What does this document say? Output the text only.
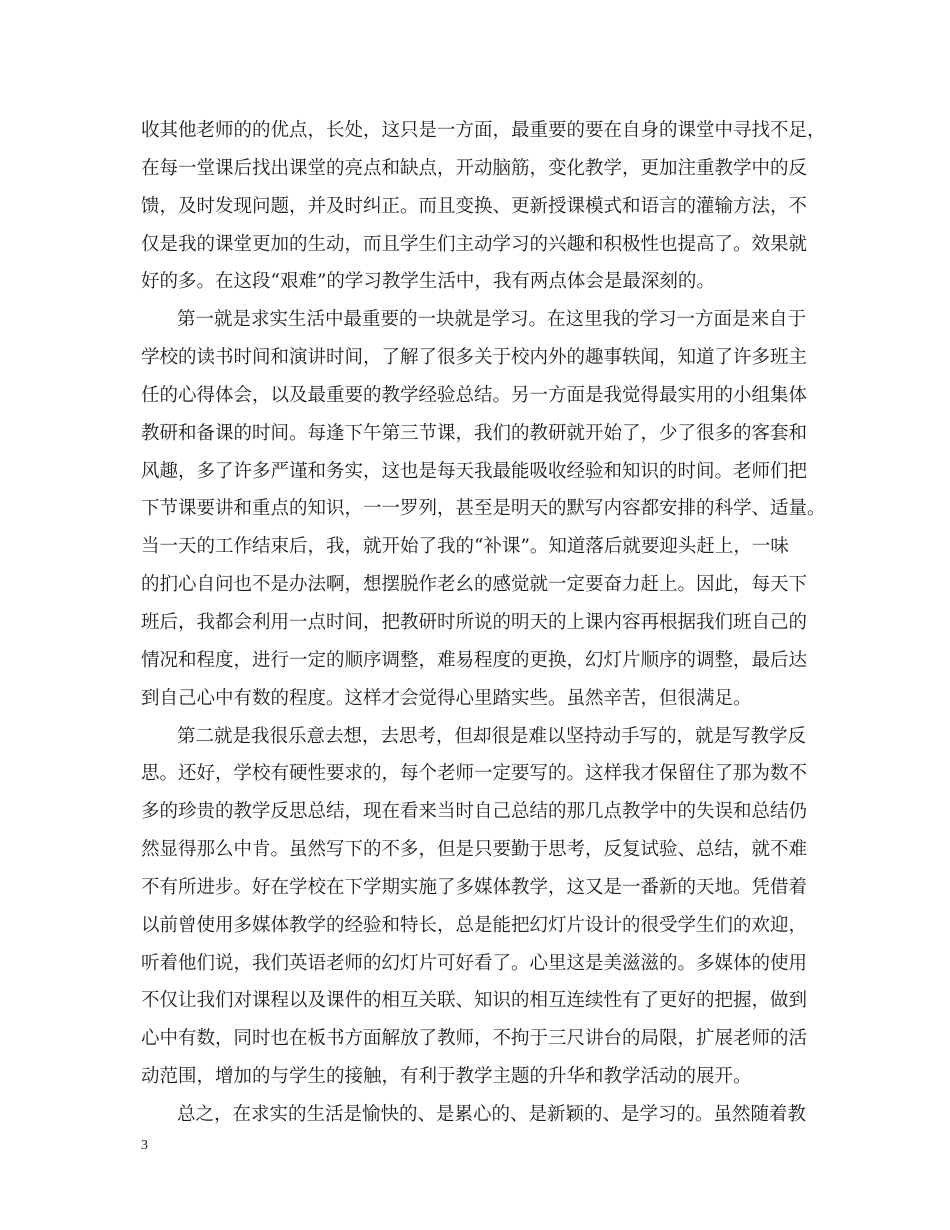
收其他老师的的优点，长处，这只是一方面，最重要的要在自身的课堂中寻找不足，
在每一堂课后找出课堂的亮点和缺点，开动脑筋，变化教学，更加注重教学中的反
馈，及时发现问题，并及时纠正。而且变换、更新授课模式和语言的灌输方法，不
仅是我的课堂更加的生动，而且学生们主动学习的兴趣和积极性也提高了。效果就
好的多。在这段“艰难”的学习教学生活中，我有两点体会是最深刻的。
第一就是求实生活中最重要的一块就是学习。在这里我的学习一方面是来自于
学校的读书时间和演讲时间，了解了很多关于校内外的趣事轶闻，知道了许多班主
任的心得体会，以及最重要的教学经验总结。另一方面是我觉得最实用的小组集体
教研和备课的时间。每逢下午第三节课，我们的教研就开始了，少了很多的客套和
风趣，多了许多严谨和务实，这也是每天我最能吸收经验和知识的时间。老师们把
下节课要讲和重点的知识，一一罗列，甚至是明天的默写内容都安排的科学、适量。
当一天的工作结束后，我，就开始了我的“补课”。知道落后就要迎头赶上，一味
的扪心自问也不是办法啊，想摆脱作老幺的感觉就一定要奋力赶上。因此，每天下
班后，我都会利用一点时间，把教研时所说的明天的上课内容再根据我们班自己的
情况和程度，进行一定的顺序调整，难易程度的更换，幻灯片顺序的调整，最后达
到自己心中有数的程度。这样才会觉得心里踏实些。虽然辛苦，但很满足。
第二就是我很乐意去想，去思考，但却很是难以坚持动手写的，就是写教学反
思。还好，学校有硬性要求的，每个老师一定要写的。这样我才保留住了那为数不
多的珍贵的教学反思总结，现在看来当时自己总结的那几点教学中的失误和总结仍
然显得那么中肯。虽然写下的不多，但是只要勤于思考，反复试验、总结，就不难
不有所进步。好在学校在下学期实施了多媒体教学，这又是一番新的天地。凭借着
以前曾使用多媒体教学的经验和特长，总是能把幻灯片设计的很受学生们的欢迎，
听着他们说，我们英语老师的幻灯片可好看了。心里这是美滋滋的。多媒体的使用
不仅让我们对课程以及课件的相互关联、知识的相互连续性有了更好的把握，做到
心中有数，同时也在板书方面解放了教师，不拘于三尺讲台的局限，扩展老师的活
动范围，增加的与学生的接触，有利于教学主题的升华和教学活动的展开。
总之，在求实的生活是愉快的、是累心的、是新颖的、是学习的。虽然随着教
3
